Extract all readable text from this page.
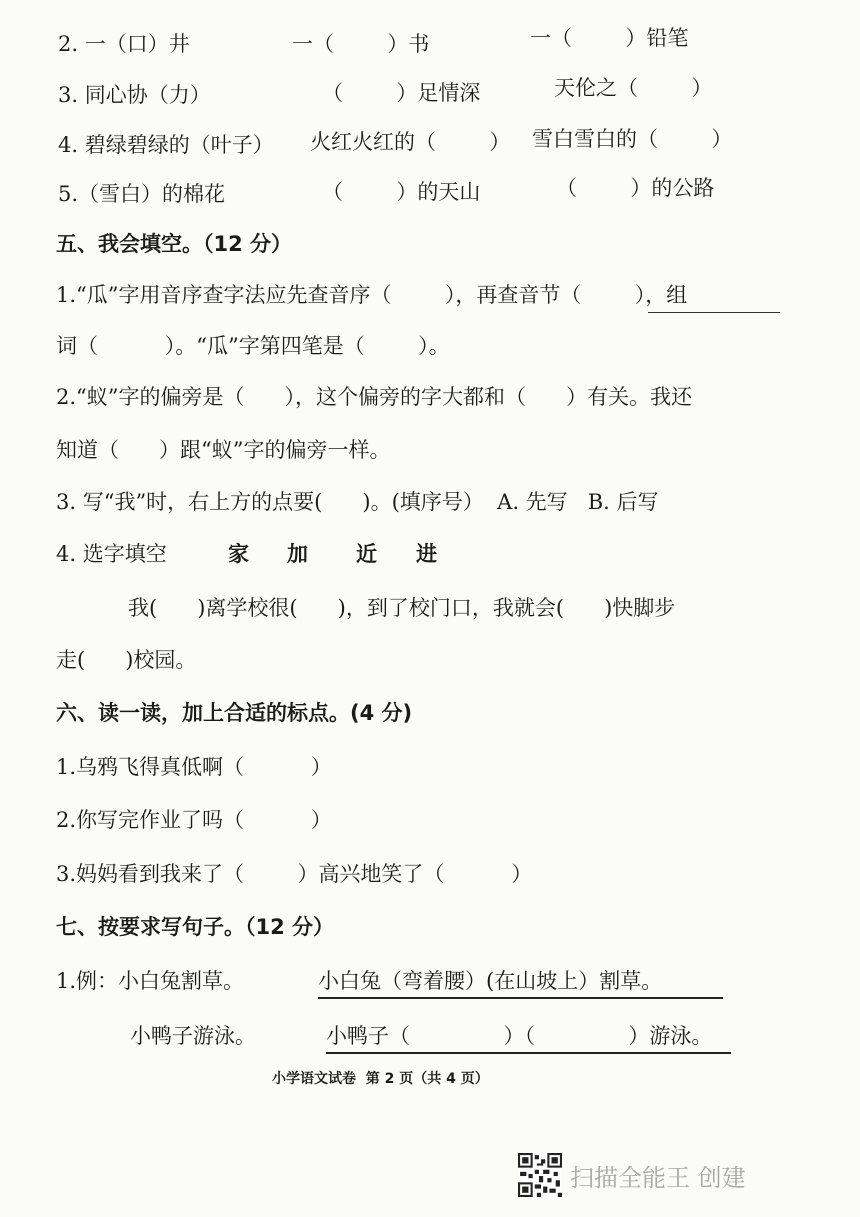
2. 一（口）井	一（        ）书	一（        ）铅笔
3. 同心协（力）	（        ）足情深	天伦之（        ）
4. 碧绿碧绿的（叶子） 火红火红的（        ） 雪白雪白的（        ）
5.（雪白）的棉花	（        ）的天山	（        ）的公路
五、我会填空。（12 分）
1.“瓜”字用音序查字法应先查音序（        ），再查音节（        ），组
词（          ）。“瓜”字第四笔是（        ）。
2.“蚁”字的偏旁是（      ），这个偏旁的字大都和（      ）有关。我还
知道（      ）跟“蚁”字的偏旁一样。
3. 写“我”时，右上方的点要(      )。(填序号）  A. 先写   B. 后写
4. 选字填空	家 加 近 进
我(      )离学校很(      )，到了校门口，我就会(      )快脚步
走(      )校园。
六、读一读，加上合适的标点。(4 分)
1.乌鸦飞得真低啊（          ）
2.你写完作业了吗（          ）
3.妈妈看到我来了（        ）高兴地笑了（          ）
七、按要求写句子。（12 分）
1.例：小白兔割草。	小白兔（弯着腰）(在山坡上）割草。
小鸭子游泳。	小鸭子（              ）（              ）游泳。
小学语文试卷  第 2 页（共 4 页）
扫描全能王 创建
